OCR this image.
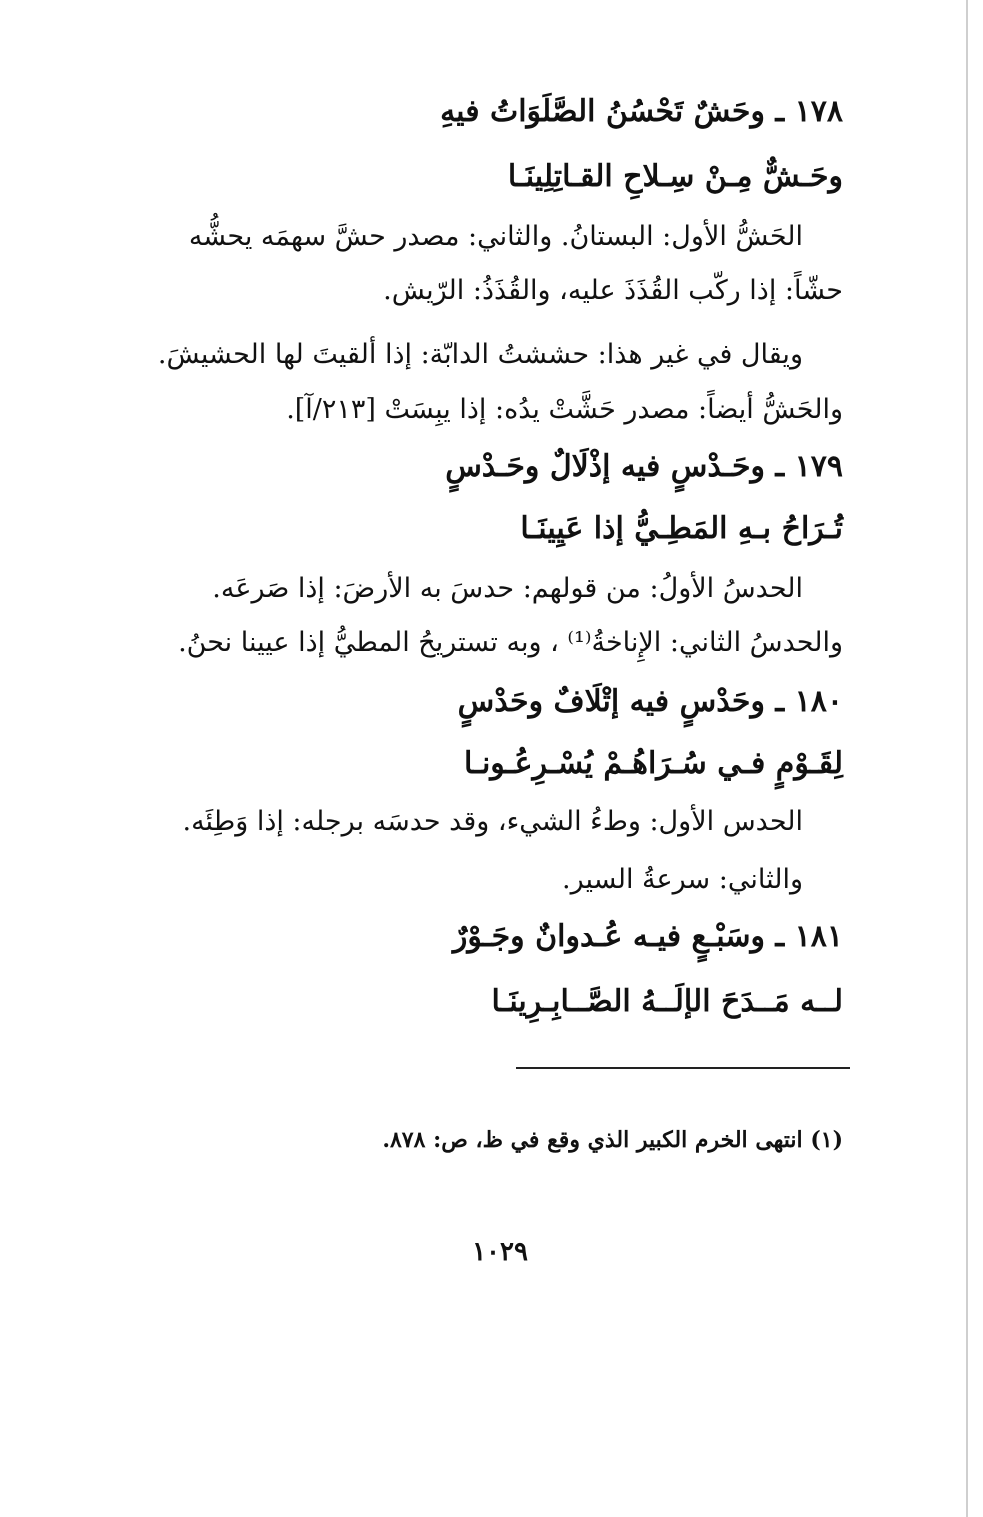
١٧٨ ـ وحَشٌ تَحْسُنُ الصَّلَوَاتُ فيهِ
وحَـشٌّ مِـنْ سِـلاحِ القـاتِلِينَـا
الحَشُّ الأول: البستانُ. والثاني: مصدر حشَّ سهمَه يحشُّه
حشّاً: إذا ركّب القُذَذَ عليه، والقُذَذُ: الرّيش.
ويقال في غير هذا: حششتُ الدابّة: إذا ألقيتَ لها الحشيشَ.
والحَشُّ أيضاً: مصدر حَشَّتْ يدُه: إذا يبِسَتْ [٢١٣/آ].
١٧٩ ـ وحَـدْسٍ فيه إذْلَالٌ وحَـدْسٍ
تُـرَاحُ بـهِ المَطِـيُّ إذا عَيِينَـا
الحدسُ الأولُ: من قولهم: حدسَ به الأرضَ: إذا صَرعَه.
والحدسُ الثاني: الإِناخةُ⁽¹⁾ ، وبه تستريحُ المطيُّ إذا عيينا نحنُ.
١٨٠ ـ وحَدْسٍ فيه إتْلَافٌ وحَدْسٍ
لِقَـوْمٍ فـي سُـرَاهُـمْ يُسْـرِعُـونـا
الحدس الأول: وطءُ الشيء، وقد حدسَه برجله: إذا وَطِئَه.
والثاني: سرعةُ السير.
١٨١ ـ وسَبْـعٍ فيـه عُـدوانٌ وجَـوْرٌ
لــه مَــدَحَ الإلَــهُ الصَّــابِـرِينَـا
(١) انتهى الخرم الكبير الذي وقع في ظ، ص: ٨٧٨.
١٠٢٩
